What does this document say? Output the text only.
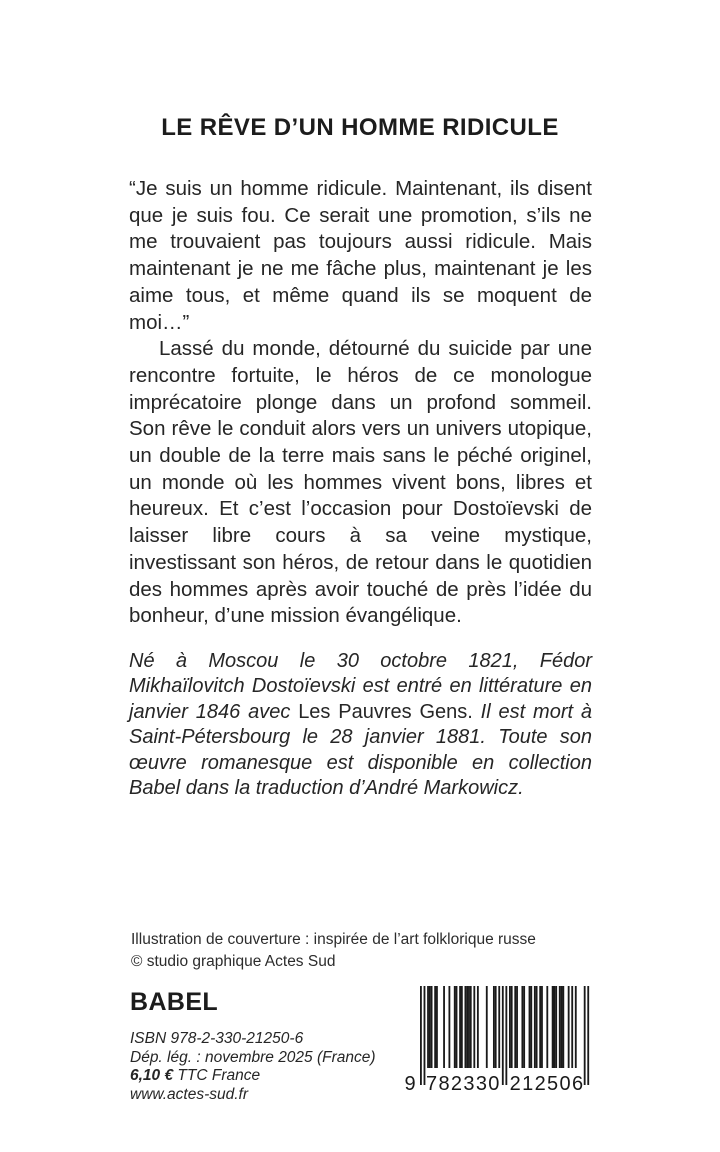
LE RÊVE D’UN HOMME RIDICULE

“Je suis un homme ridicule. Maintenant, ils disent que je suis fou. Ce serait une promotion, s’ils ne me trouvaient pas toujours aussi ridicule. Mais maintenant je ne me fâche plus, maintenant je les aime tous, et même quand ils se moquent de moi…”

Lassé du monde, détourné du suicide par une rencontre fortuite, le héros de ce monologue imprécatoire plonge dans un profond sommeil. Son rêve le conduit alors vers un univers utopique, un double de la terre mais sans le péché originel, un monde où les hommes vivent bons, libres et heureux. Et c’est l’occasion pour Dostoïevski de laisser libre cours à sa veine mystique, investissant son héros, de retour dans le quotidien des hommes après avoir touché de près l’idée du bonheur, d’une mission évangélique.

Né à Moscou le 30 octobre 1821, Fédor Mikhaïlovitch Dostoïevski est entré en littérature en janvier 1846 avec Les Pauvres Gens. Il est mort à Saint-Pétersbourg le 28 janvier 1881. Toute son œuvre romanesque est disponible en collection Babel dans la traduction d’André Markowicz.

Illustration de couverture : inspirée de l’art folklorique russe
© studio graphique Actes Sud
BABEL
ISBN 978-2-330-21250-6
Dép. lég. : novembre 2025 (France)
6,10 € TTC France
www.actes-sud.fr	9 7 8 2 3 3 0 2 1 2 5 0 6
